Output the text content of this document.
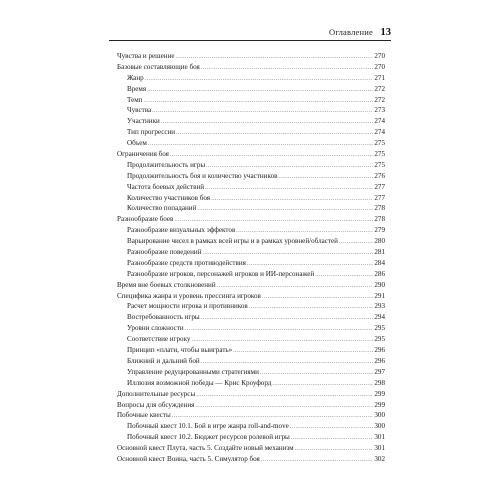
Оглавление 13
Чувства и решение .....	270
Базовые составляющие боя .....	270
Жанр .....	271
Время .....	272
Темп .....	272
Чувства .....	273
Участники .....	274
Тип прогрессии .....	274
Объем .....	275
Ограничения боя .....	275
Продолжительность игры .....	275
Продолжительность боя и количество участников .....	276
Частота боевых действий .....	277
Количество участников боя .....	277
Количество попаданий .....	278
Разнообразие боев .....	278
Разнообразие визуальных эффектов .....	279
Варьирование чисел в рамках всей игры и в рамках уровней/областей .....	280
Разнообразие поведений .....	281
Разнообразие средств противодействия .....	284
Разнообразие игроков, персонажей игроков и ИИ-персонажей .....	286
Время вне боевых столкновений .....	290
Специфика жанра и уровень прессинга игроков .....	291
Расчет мощности игрока и противников .....	293
Востребованность игры .....	294
Уровни сложности .....	295
Соответствие игроку .....	295
Принцип «плати, чтобы выиграть» .....	296
Ближний и дальний бой .....	296
Управление редуцированными стратегиями .....	297
Иллюзия возможной победы — Крис Кроуфорд .....	298
Дополнительные ресурсы .....	299
Вопросы для обсуждения .....	299
Побочные квесты .....	300
Побочный квест 10.1. Бой в игре жанра roll-and-move .....	300
Побочный квест 10.2. Бюджет ресурсов ролевой игры .....	301
Основной квест Плута, часть 5. Создайте новый механизм .....	301
Основной квест Воина, часть 5. Симулятор боя .....	302
